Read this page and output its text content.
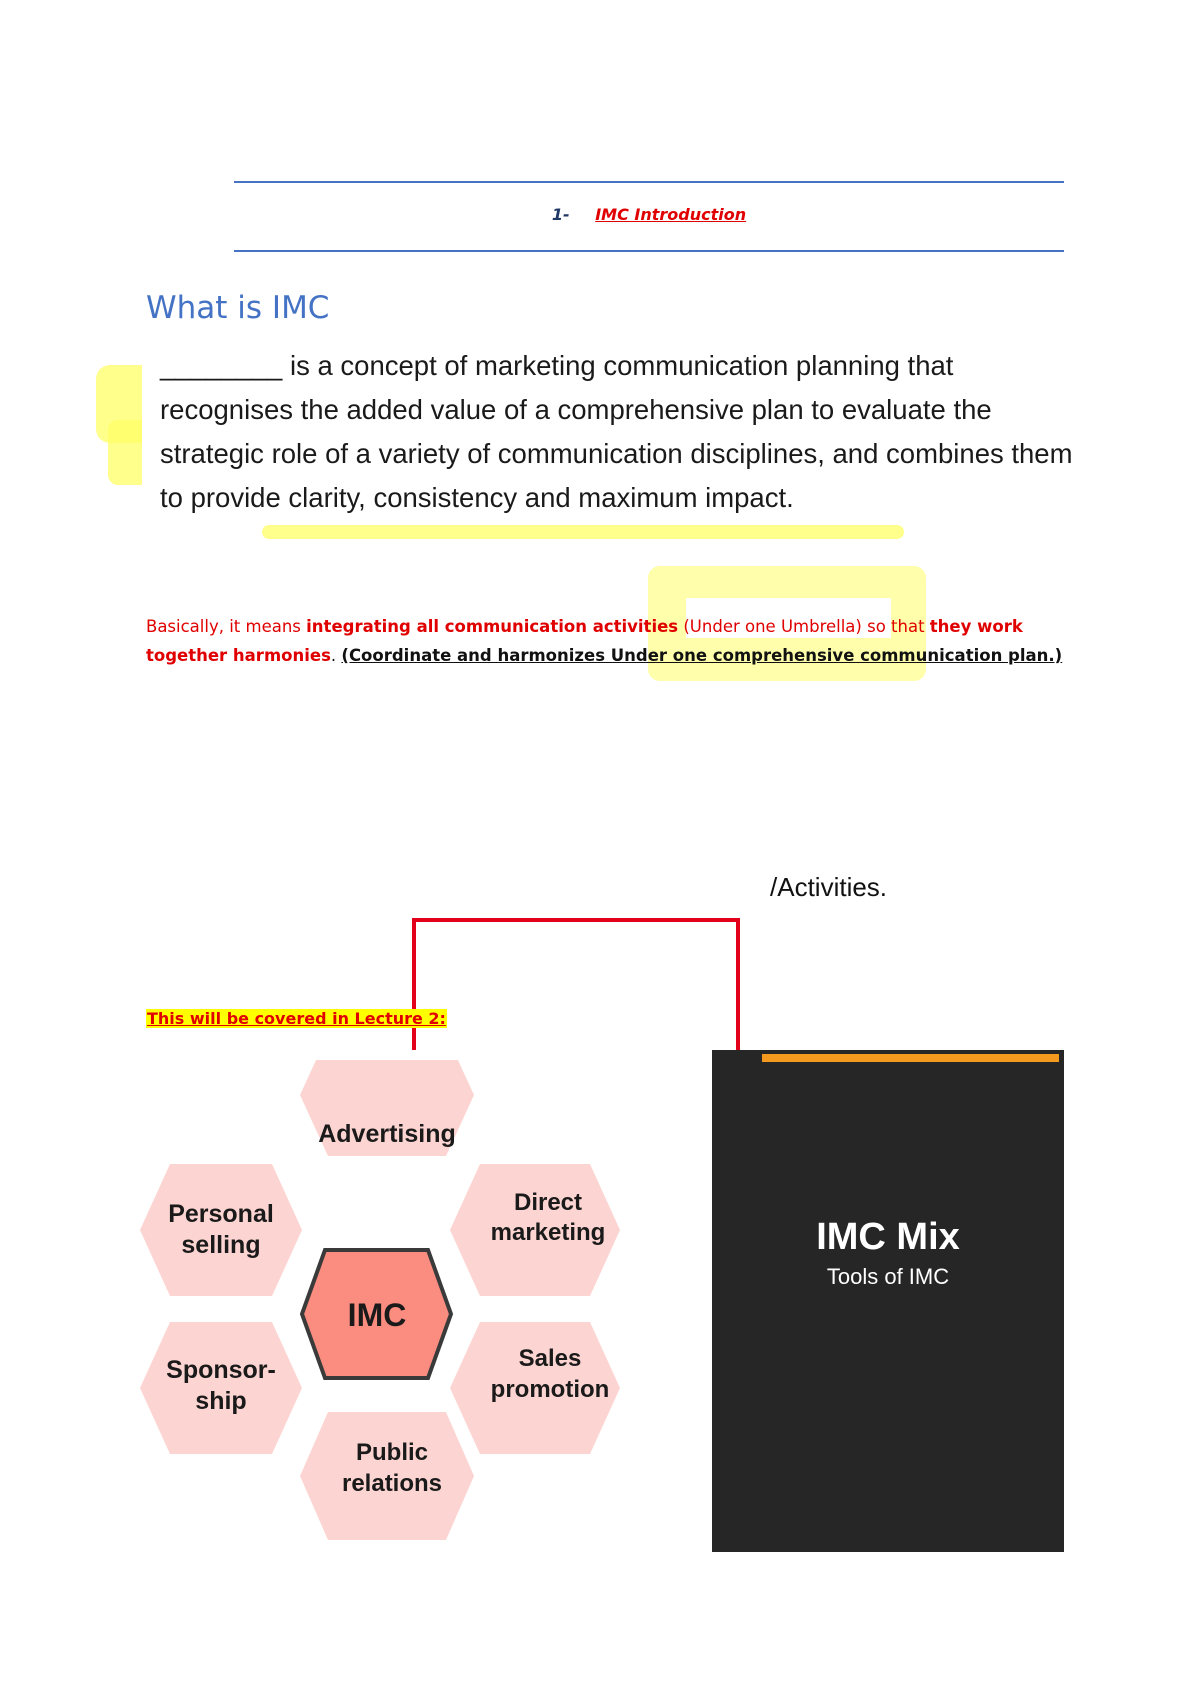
1- IMC Introduction
What is IMC
________ is a concept of marketing communication planning that recognises the added value of a comprehensive plan to evaluate the strategic role of a variety of communication disciplines, and combines them to provide clarity, consistency and maximum impact.
Basically, it means integrating all communication activities (Under one Umbrella) so that they work together harmonies. (Coordinate and harmonizes Under one comprehensive communication plan.)
/Activities.
This will be covered in Lecture 2:
Advertising
Personal
selling
Direct
marketing
IMC
Sponsor-
ship
Sales
promotion
Public
relations
IMC Mix
Tools of IMC
